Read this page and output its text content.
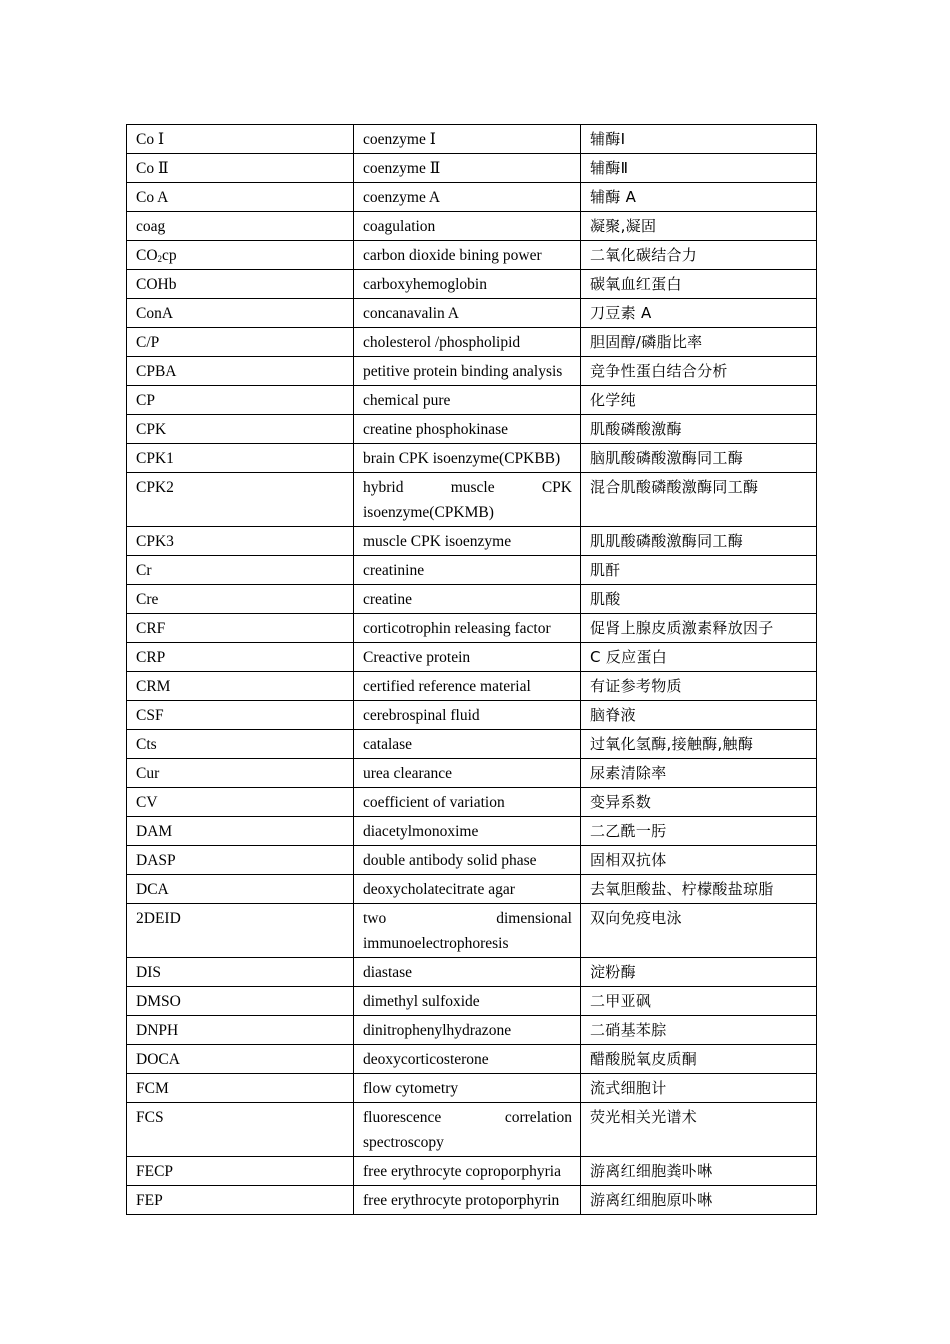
Co Ⅰ	coenzyme Ⅰ	辅酶Ⅰ
Co Ⅱ	coenzyme Ⅱ	辅酶Ⅱ
Co A	coenzyme A	辅酶 A
coag	coagulation	凝聚,凝固
$CO_2cp$	carbon dioxide bining power	二氧化碳结合力
COHb	carboxyhemoglobin	碳氧血红蛋白
ConA	concanavalin A	刀豆素 A
C/P	cholesterol /phospholipid	胆固醇/磷脂比率
CPBA	petitive protein binding analysis	竞争性蛋白结合分析
CP	chemical pure	化学纯
CPK	creatine phosphokinase	肌酸磷酸激酶
CPK1	brain CPK isoenzyme(CPKBB)	脑肌酸磷酸激酶同工酶
CPK2	hybrid muscle CPK isoenzyme(CPKMB)	混合肌酸磷酸激酶同工酶
CPK3	muscle CPK isoenzyme	肌肌酸磷酸激酶同工酶
Cr	creatinine	肌酐
Cre	creatine	肌酸
CRF	corticotrophin releasing factor	促肾上腺皮质激素释放因子
CRP	Creactive protein	C 反应蛋白
CRM	certified reference material	有证参考物质
CSF	cerebrospinal fluid	脑脊液
Cts	catalase	过氧化氢酶,接触酶,触酶
Cur	urea clearance	尿素清除率
CV	coefficient of variation	变异系数
DAM	diacetylmonoxime	二乙酰一肟
DASP	double antibody solid phase	固相双抗体
DCA	deoxycholatecitrate agar	去氧胆酸盐、柠檬酸盐琼脂
2DEID	two dimensional immunoelectrophoresis	双向免疫电泳
DIS	diastase	淀粉酶
DMSO	dimethyl sulfoxide	二甲亚砜
DNPH	dinitrophenylhydrazone	二硝基苯腙
DOCA	deoxycorticosterone	醋酸脱氧皮质酮
FCM	flow cytometry	流式细胞计
FCS	fluorescence correlation spectroscopy	荧光相关光谱术
FECP	free erythrocyte coproporphyria	游离红细胞粪卟啉
FEP	free erythrocyte protoporphyrin	游离红细胞原卟啉
